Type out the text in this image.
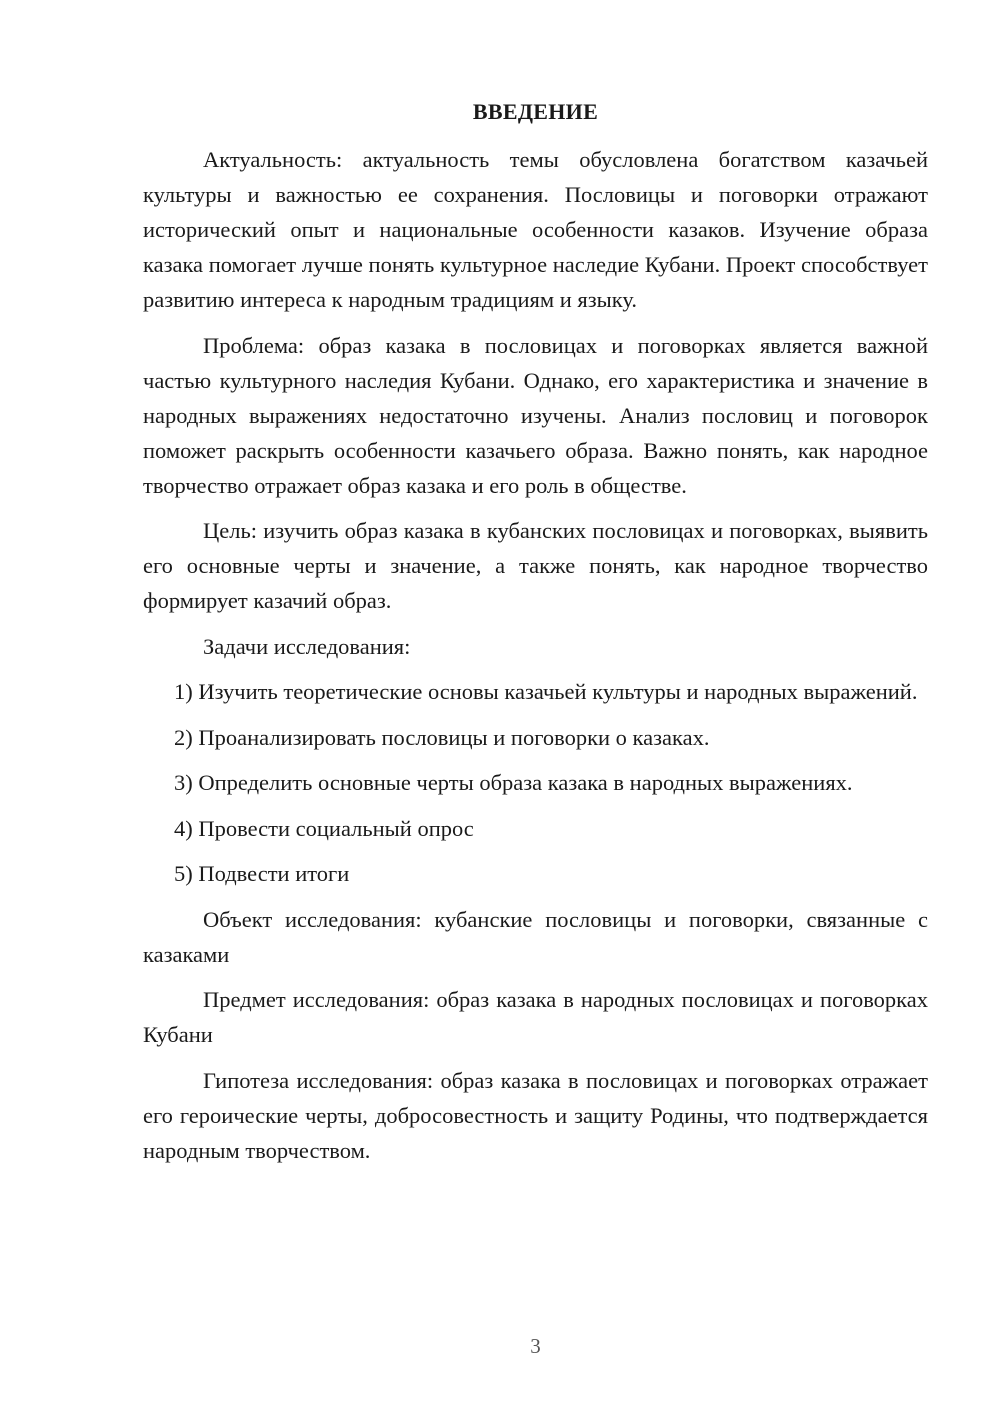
ВВЕДЕНИЕ

Актуальность: актуальность темы обусловлена богатством казачьей культуры и важностью ее сохранения. Пословицы и поговорки отражают исторический опыт и национальные особенности казаков. Изучение образа казака помогает лучше понять культурное наследие Кубани. Проект способствует развитию интереса к народным традициям и языку.

Проблема: образ казака в пословицах и поговорках является важной частью культурного наследия Кубани. Однако, его характеристика и значение в народных выражениях недостаточно изучены. Анализ пословиц и поговорок поможет раскрыть особенности казачьего образа. Важно понять, как народное творчество отражает образ казака и его роль в обществе.

Цель: изучить образ казака в кубанских пословицах и поговорках, выявить его основные черты и значение, а также понять, как народное творчество формирует казачий образ.

Задачи исследования:

1) Изучить теоретические основы казачьей культуры и народных выражений.

2) Проанализировать пословицы и поговорки о казаках.

3) Определить основные черты образа казака в народных выражениях.

4) Провести социальный опрос

5) Подвести итоги

Объект исследования: кубанские пословицы и поговорки, связанные с казаками

Предмет исследования: образ казака в народных пословицах и поговорках Кубани

Гипотеза исследования: образ казака в пословицах и поговорках отражает его героические черты, добросовестность и защиту Родины, что подтверждается народным творчеством.

3
